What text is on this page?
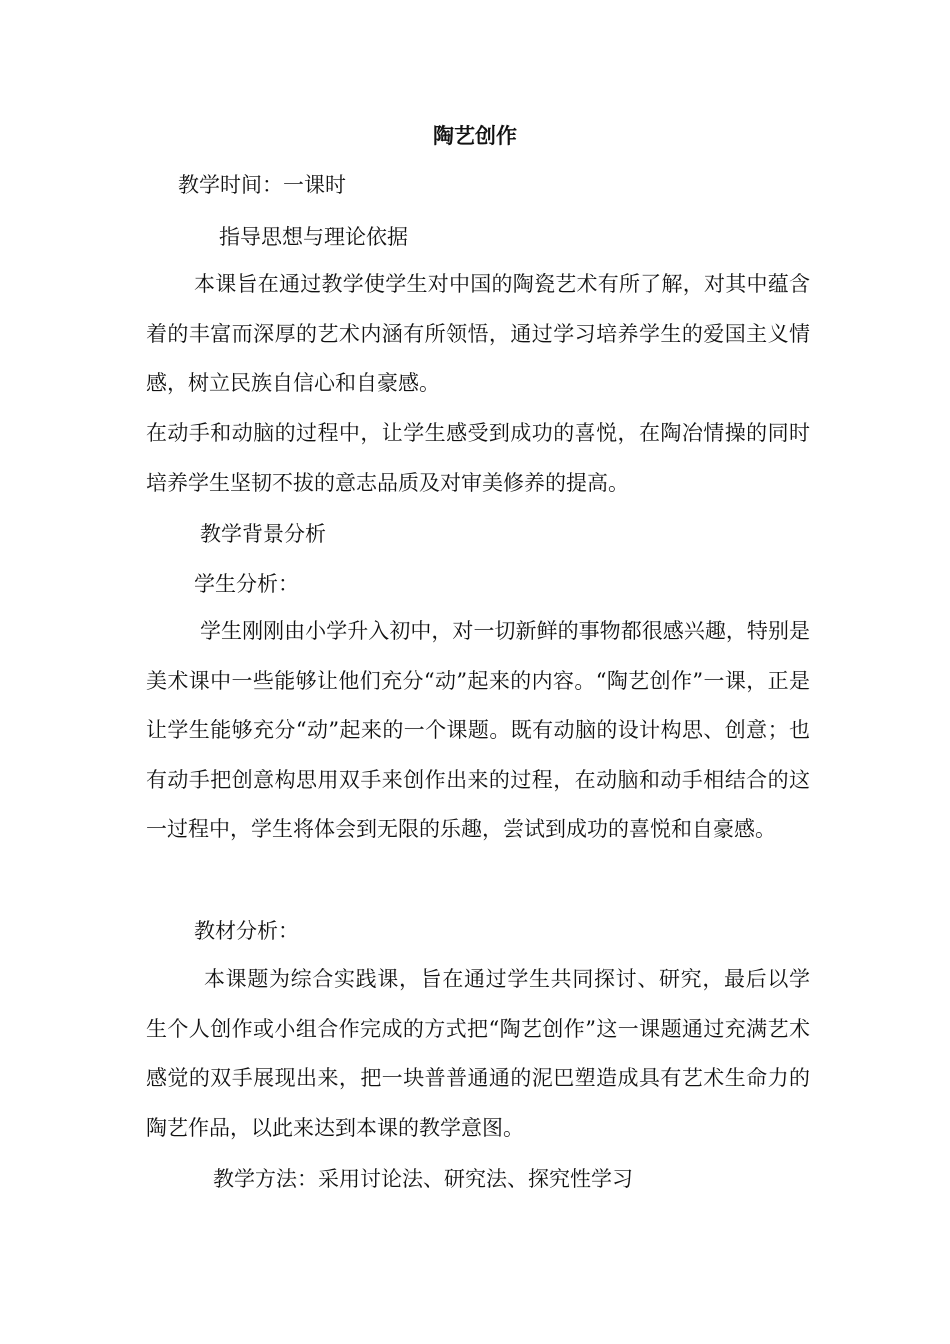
陶艺创作

教学时间：一课时

指导思想与理论依据

本课旨在通过教学使学生对中国的陶瓷艺术有所了解，对其中蕴含着的丰富而深厚的艺术内涵有所领悟，通过学习培养学生的爱国主义情感，树立民族自信心和自豪感。

在动手和动脑的过程中，让学生感受到成功的喜悦，在陶冶情操的同时培养学生坚韧不拔的意志品质及对审美修养的提高。

教学背景分析

学生分析：

学生刚刚由小学升入初中，对一切新鲜的事物都很感兴趣，特别是美术课中一些能够让他们充分“动”起来的内容。“陶艺创作”一课，正是让学生能够充分“动”起来的一个课题。既有动脑的设计构思、创意；也有动手把创意构思用双手来创作出来的过程，在动脑和动手相结合的这一过程中，学生将体会到无限的乐趣，尝试到成功的喜悦和自豪感。

教材分析：

本课题为综合实践课，旨在通过学生共同探讨、研究，最后以学生个人创作或小组合作完成的方式把“陶艺创作”这一课题通过充满艺术感觉的双手展现出来，把一块普普通通的泥巴塑造成具有艺术生命力的陶艺作品，以此来达到本课的教学意图。

教学方法：采用讨论法、研究法、探究性学习
